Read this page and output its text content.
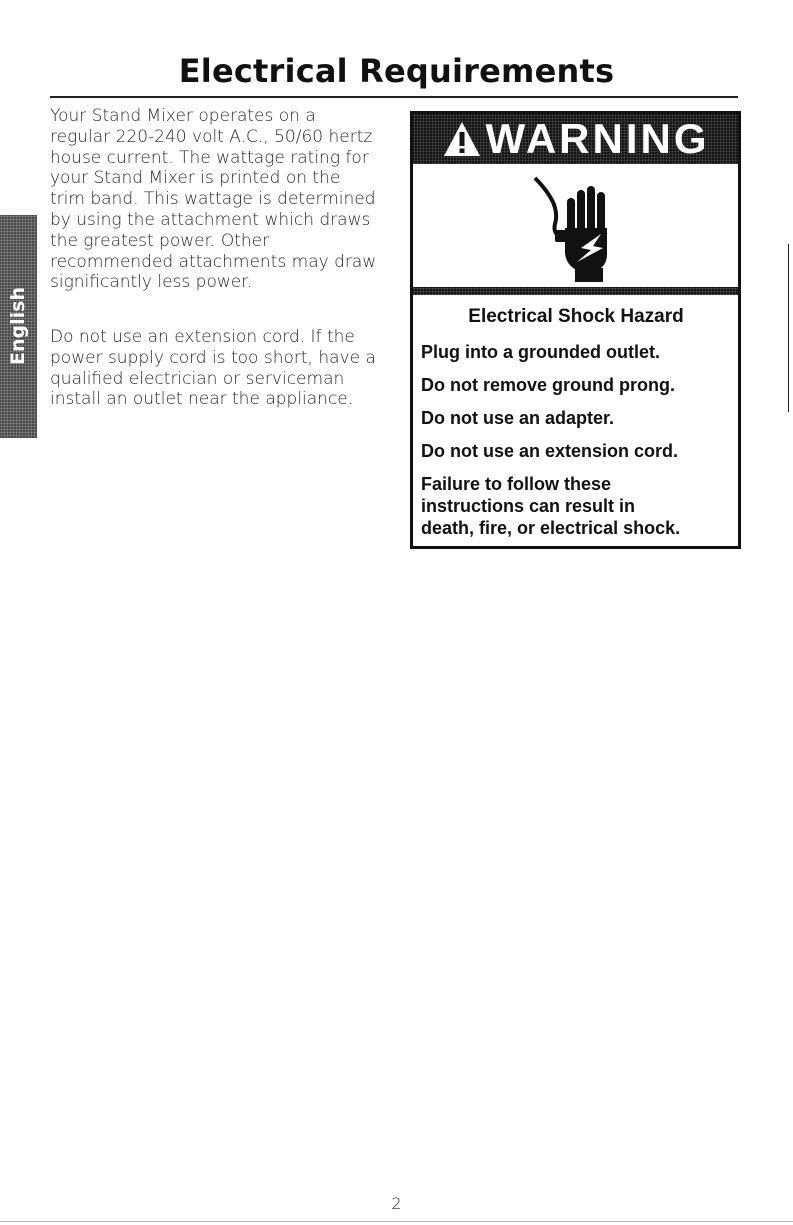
Electrical Requirements
English
Your Stand Mixer operates on a
regular 220-240 volt A.C., 50/60 hertz
house current. The wattage rating for
your Stand Mixer is printed on the
trim band. This wattage is determined
by using the attachment which draws
the greatest power. Other
recommended attachments may draw
significantly less power.
Do not use an extension cord. If the
power supply cord is too short, have a
qualified electrician or serviceman
install an outlet near the appliance.
WARNING
Electrical Shock Hazard
Plug into a grounded outlet.
Do not remove ground prong.
Do not use an adapter.
Do not use an extension cord.
Failure to follow these
instructions can result in
death, fire, or electrical shock.
2
